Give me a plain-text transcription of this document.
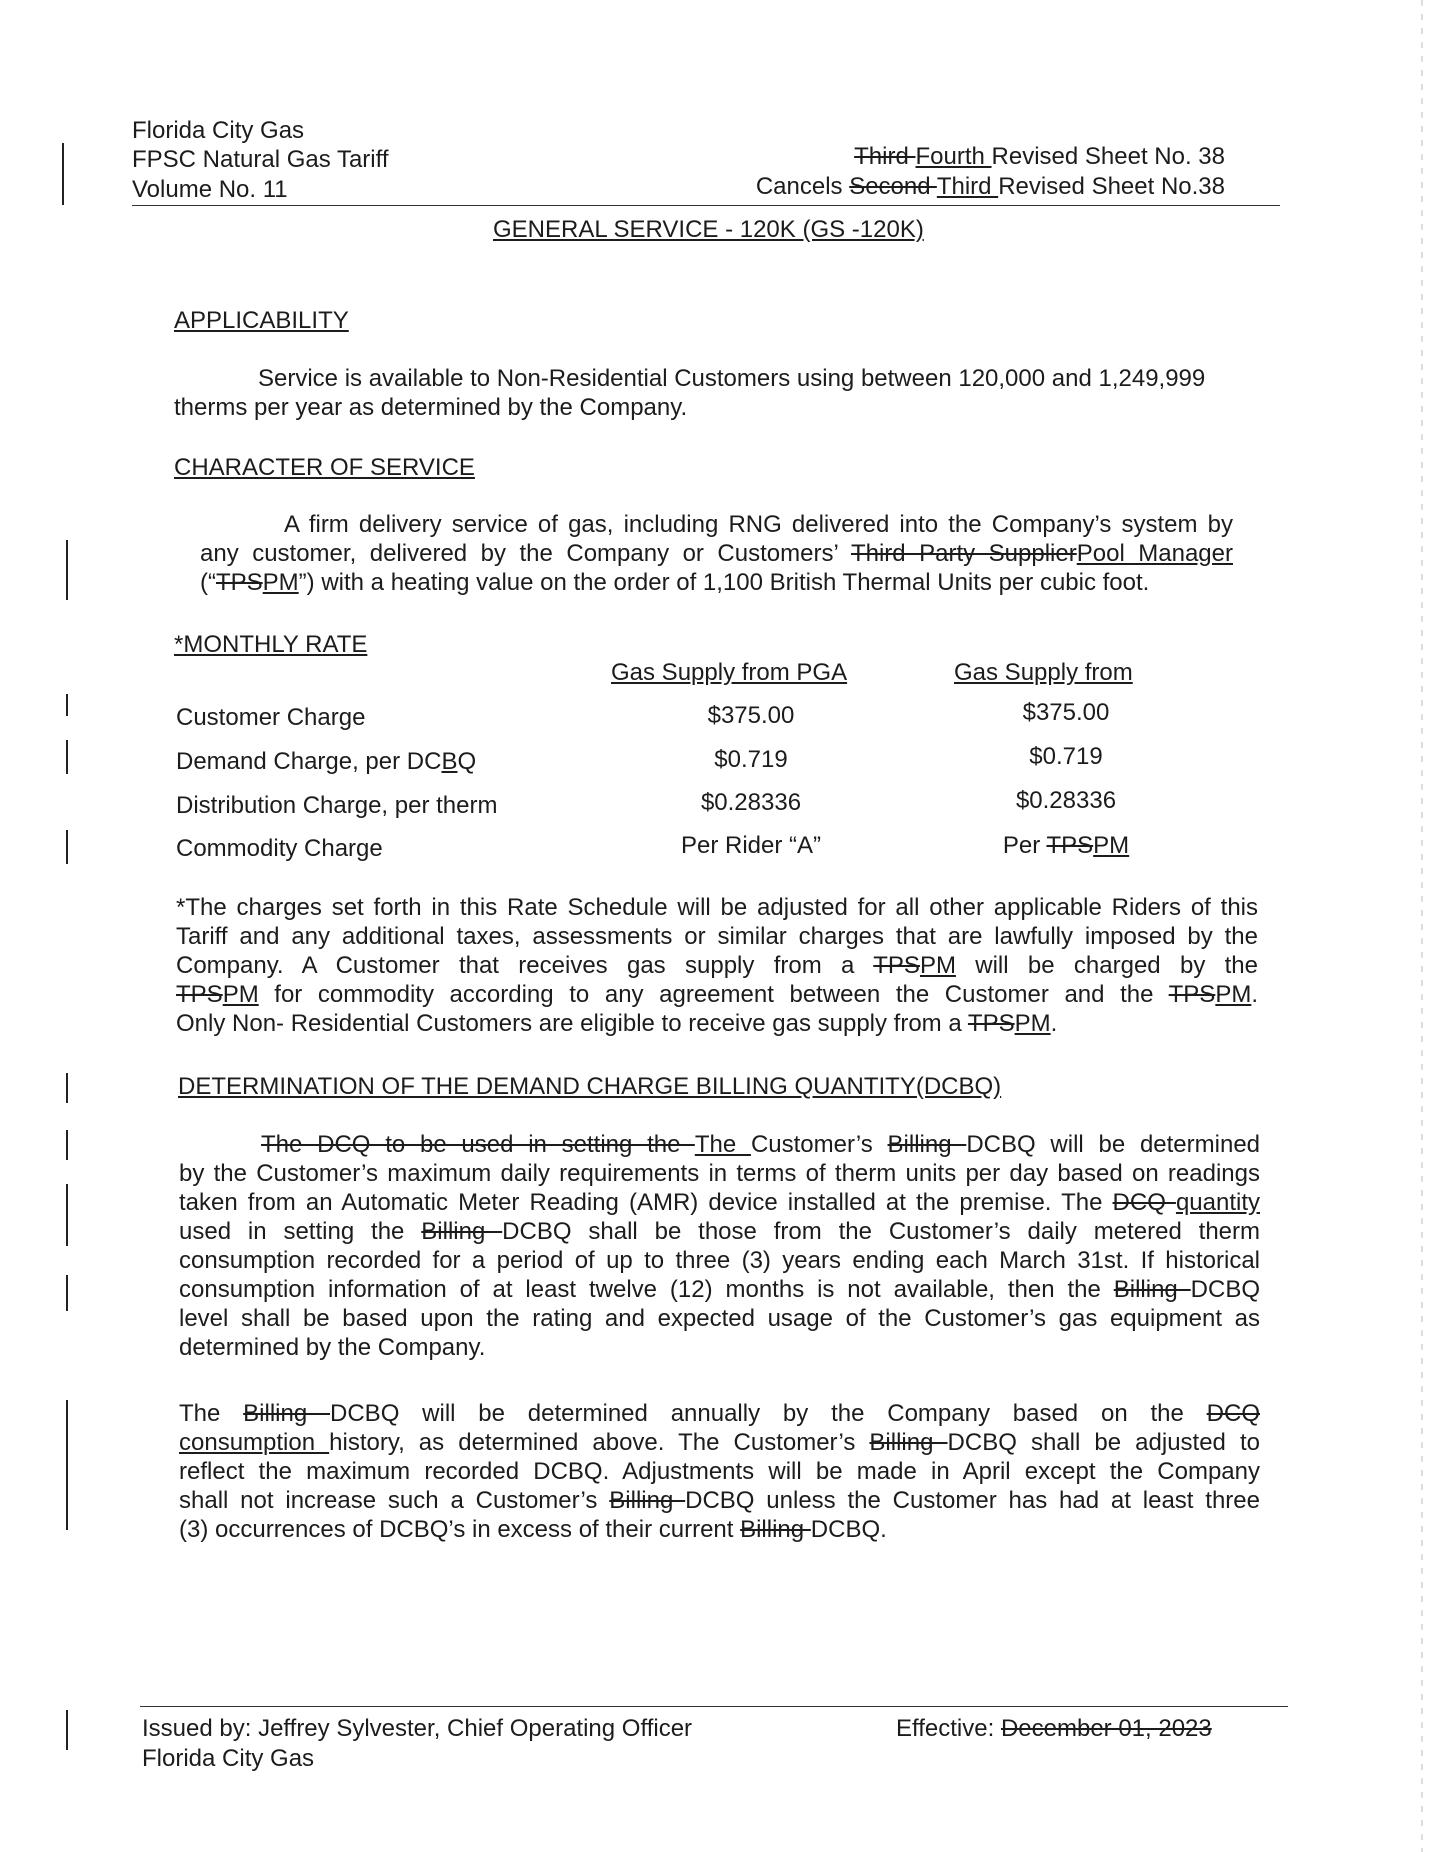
Florida City Gas
FPSC Natural Gas Tariff
Volume No. 11
Third Fourth Revised Sheet No. 38
Cancels Second Third Revised Sheet No.38
GENERAL SERVICE - 120K (GS -120K)
APPLICABILITY
Service is available to Non-Residential Customers using between 120,000 and 1,249,999
therms per year as determined by the Company.
CHARACTER OF SERVICE
A firm delivery service of gas, including RNG delivered into the Company’s system by
any customer, delivered by the Company or Customers’ Third Party SupplierPool Manager
(“TPSPM”) with a heating value on the order of 1,100 British Thermal Units per cubic foot.
*MONTHLY RATE
Gas Supply from PGA	Gas Supply from
Customer Charge	$375.00	$375.00
Demand Charge, per DCBQ	$0.719	$0.719
Distribution Charge, per therm	$0.28336	$0.28336
Commodity Charge	Per Rider “A”	Per TPSPM
*The charges set forth in this Rate Schedule will be adjusted for all other applicable Riders of this
Tariff and any additional taxes, assessments or similar charges that are lawfully imposed by the
Company. A Customer that receives gas supply from a TPSPM will be charged by the
TPSPM for commodity according to any agreement between the Customer and the TPSPM.
Only Non- Residential Customers are eligible to receive gas supply from a TPSPM.
DETERMINATION OF THE DEMAND CHARGE BILLING QUANTITY(DCBQ)
The DCQ to be used in setting the The Customer’s Billing DCBQ will be determined
by the Customer’s maximum daily requirements in terms of therm units per day based on readings
taken from an Automatic Meter Reading (AMR) device installed at the premise. The DCQ quantity
used in setting the Billing DCBQ shall be those from the Customer’s daily metered therm
consumption recorded for a period of up to three (3) years ending each March 31st. If historical
consumption information of at least twelve (12) months is not available, then the Billing DCBQ
level shall be based upon the rating and expected usage of the Customer’s gas equipment as
determined by the Company.
The Billing DCBQ will be determined annually by the Company based on the DCQ
consumption history, as determined above. The Customer’s Billing DCBQ shall be adjusted to
reflect the maximum recorded DCBQ. Adjustments will be made in April except the Company
shall not increase such a Customer’s Billing DCBQ unless the Customer has had at least three
(3) occurrences of DCBQ’s in excess of their current Billing DCBQ.
Issued by: Jeffrey Sylvester, Chief Operating Officer
Florida City Gas
Effective: December 01, 2023
